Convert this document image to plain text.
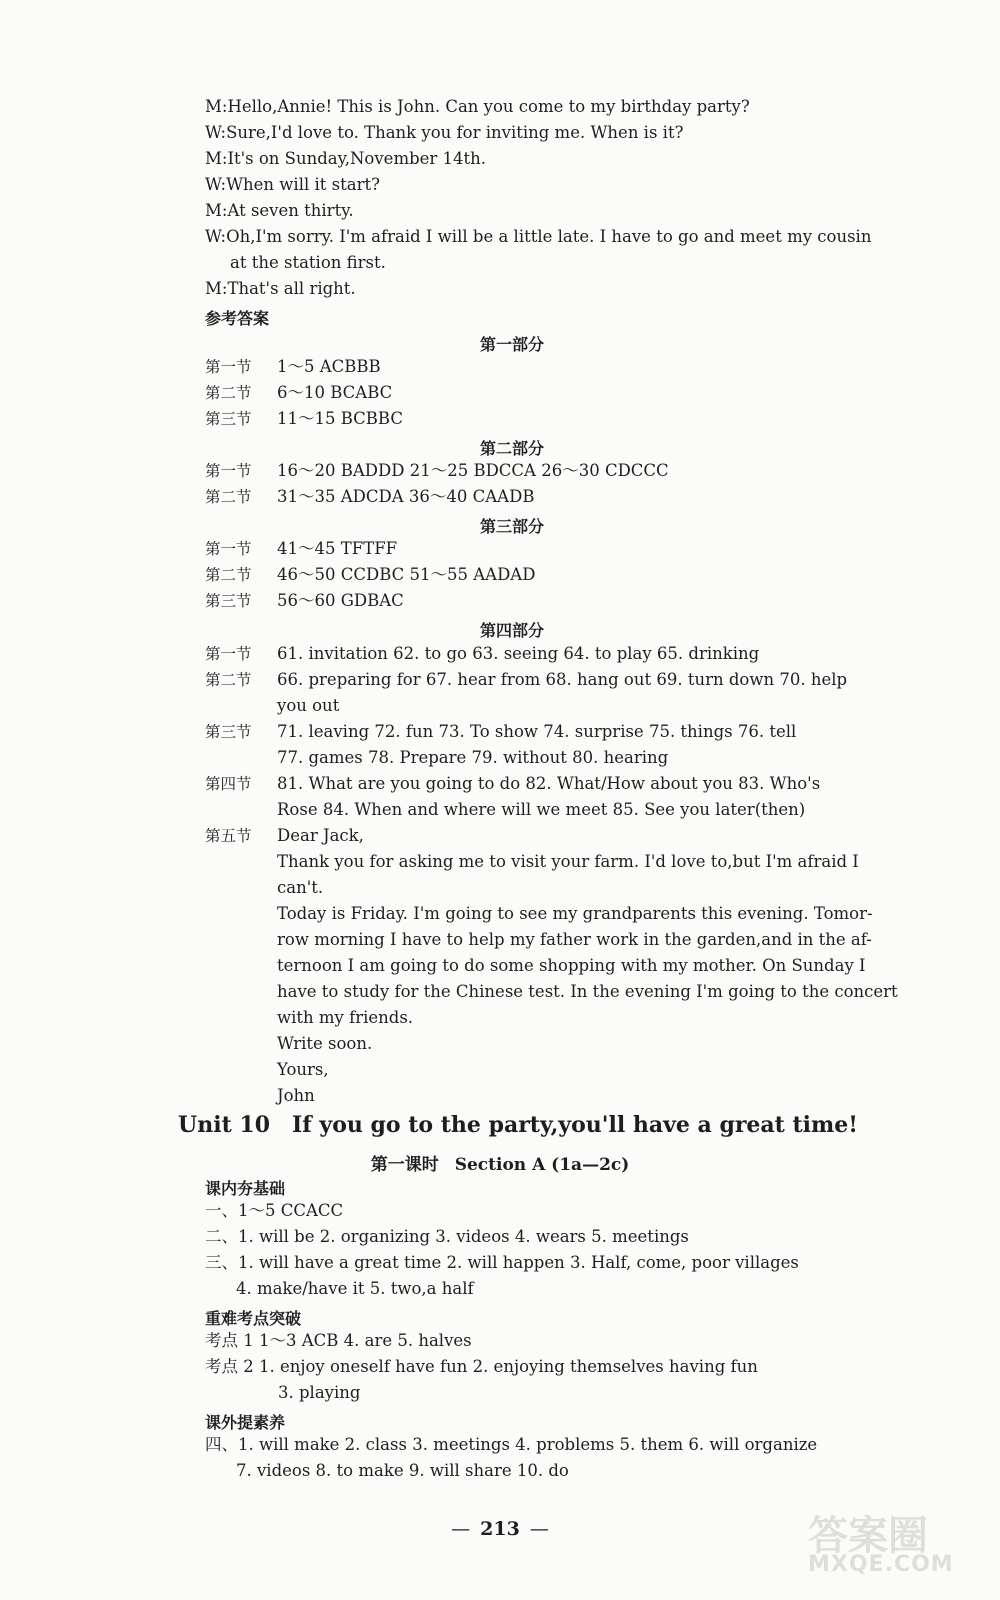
M:Hello,Annie! This is John. Can you come to my birthday party?
W:Sure,I'd love to. Thank you for inviting me. When is it?
M:It's on Sunday,November 14th.
W:When will it start?
M:At seven thirty.
W:Oh,I'm sorry. I'm afraid I will be a little late. I have to go and meet my cousin
at the station first.
M:That's all right.
参考答案
第一部分
第一节 1～5 ACBBB
第二节 6～10 BCABC
第三节 11～15 BCBBC
第二部分
第一节 16～20 BADDD 21～25 BDCCA 26～30 CDCCC
第二节 31～35 ADCDA 36～40 CAADB
第三部分
第一节 41～45 TFTFF
第二节 46～50 CCDBC 51～55 AADAD
第三节 56～60 GDBAC
第四部分
第一节 61. invitation 62. to go 63. seeing 64. to play 65. drinking
第二节 66. preparing for 67. hear from 68. hang out 69. turn down 70. help
you out
第三节 71. leaving 72. fun 73. To show 74. surprise 75. things 76. tell
77. games 78. Prepare 79. without 80. hearing
第四节 81. What are you going to do 82. What/How about you 83. Who's
Rose 84. When and where will we meet 85. See you later(then)
第五节 Dear Jack,
Thank you for asking me to visit your farm. I'd love to,but I'm afraid I
can't.
Today is Friday. I'm going to see my grandparents this evening. Tomor-
row morning I have to help my father work in the garden,and in the af-
ternoon I am going to do some shopping with my mother. On Sunday I
have to study for the Chinese test. In the evening I'm going to the concert
with my friends.
Write soon.
Yours,
John
Unit 10 If you go to the party,you'll have a great time!
第一课时 Section A (1a—2c)
课内夯基础
一、1～5 CCACC
二、1. will be 2. organizing 3. videos 4. wears 5. meetings
三、1. will have a great time 2. will happen 3. Half, come, poor villages
4. make/have it 5. two,a half
重难考点突破
考点 1 1～3 ACB 4. are 5. halves
考点 2 1. enjoy oneself have fun 2. enjoying themselves having fun
3. playing
课外提素养
四、1. will make 2. class 3. meetings 4. problems 5. them 6. will organize
7. videos 8. to make 9. will share 10. do
— 213 —	答案圈
MXQE.COM
